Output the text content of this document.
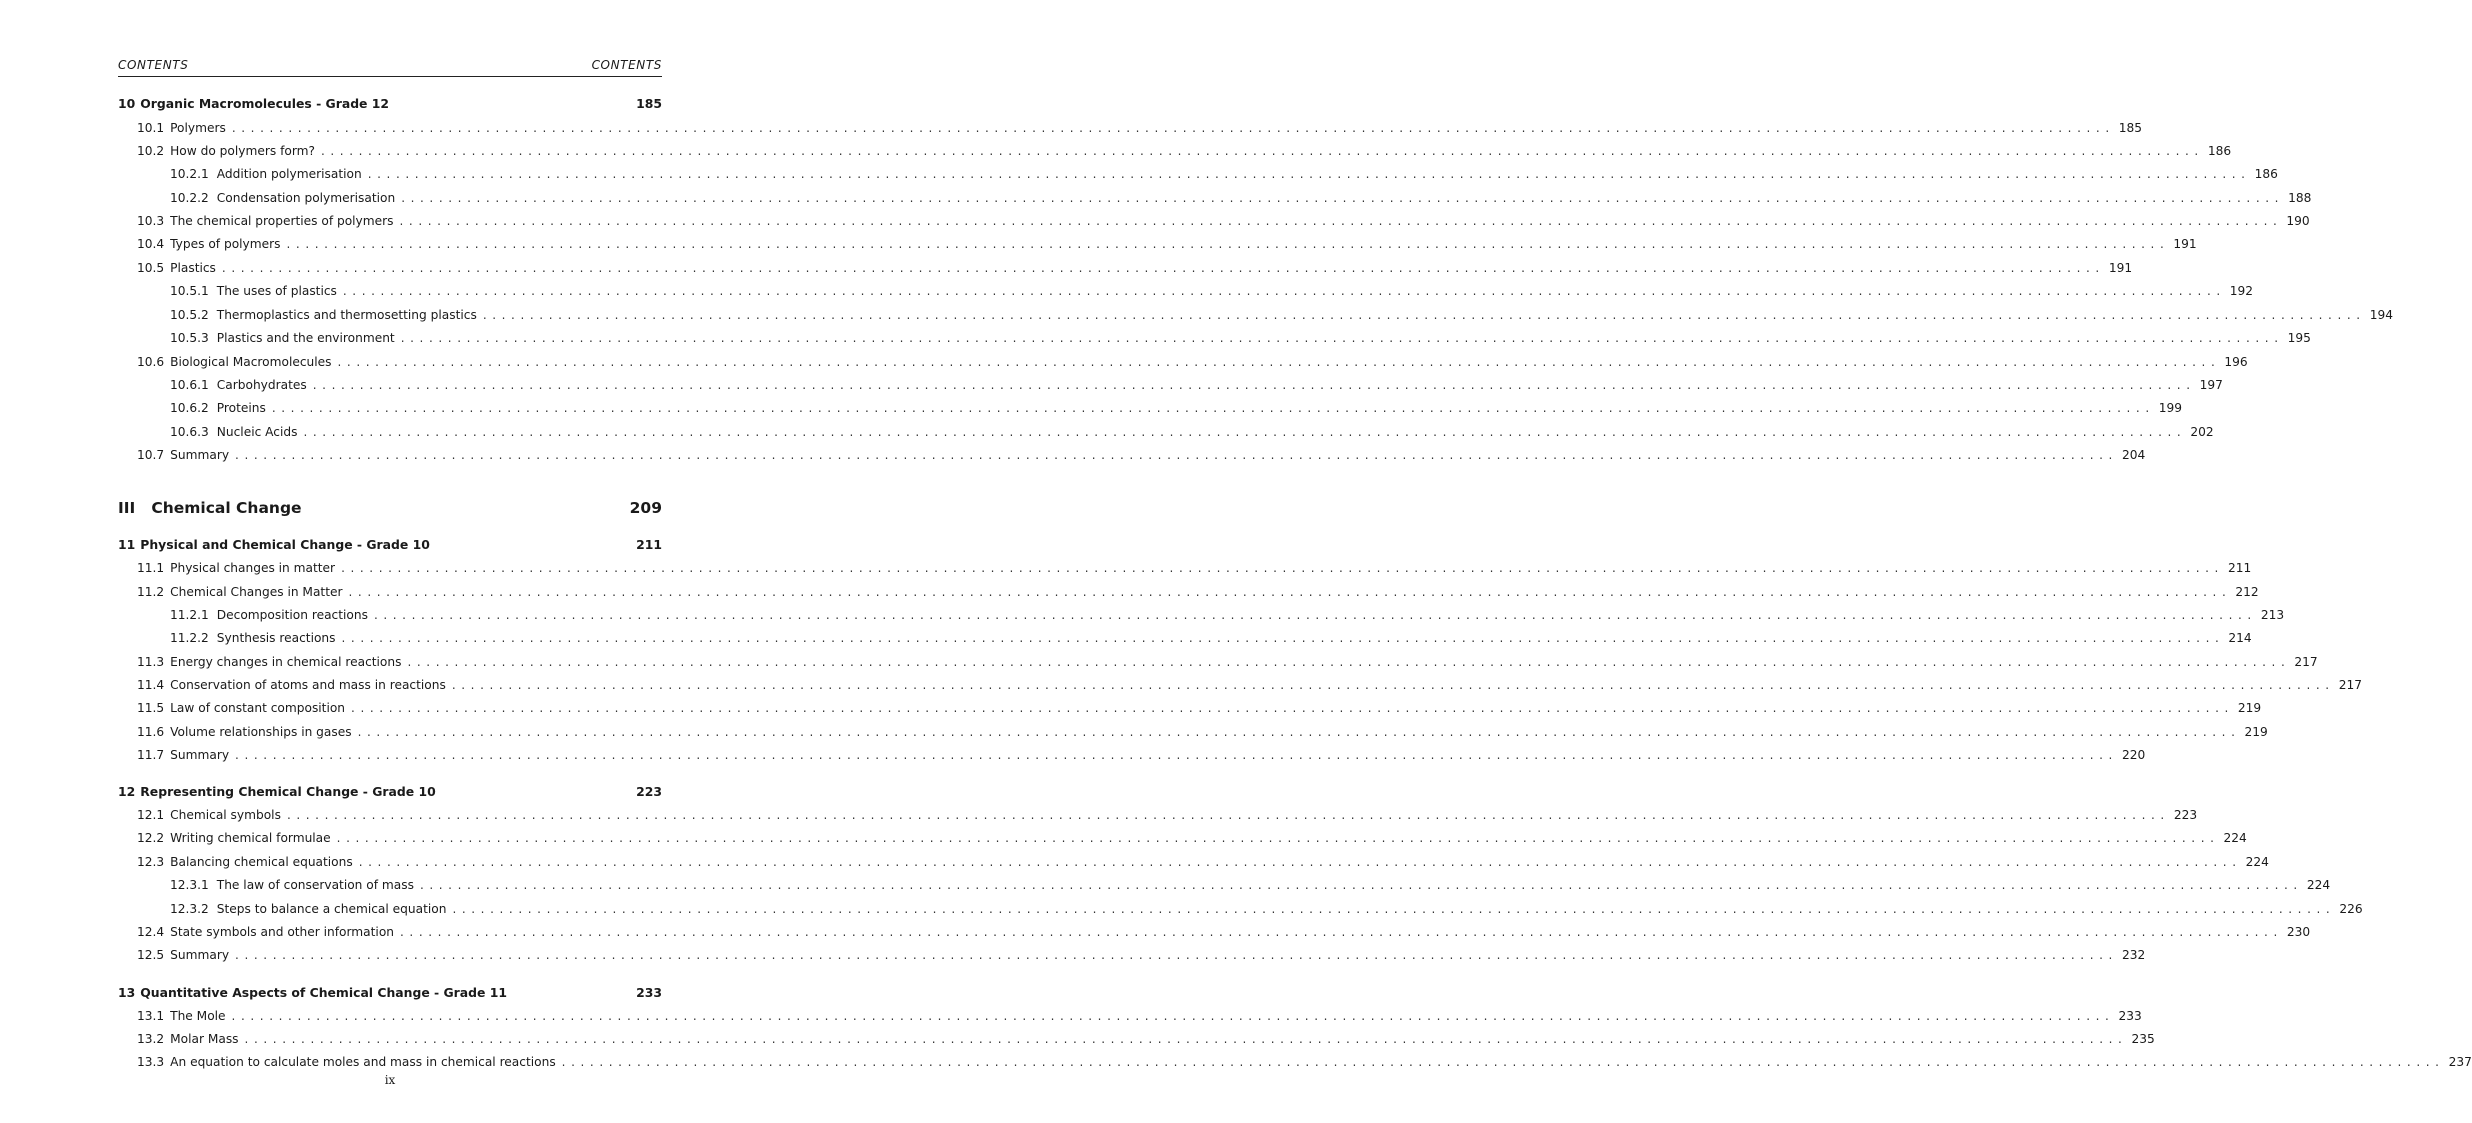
CONTENTS	CONTENTS
10 Organic Macromolecules - Grade 12	185
10.1 Polymers ........................................................................................................................................................................................................ 185
10.2 How do polymers form? ........................................................................................................................................................................................................ 186
10.2.1 Addition polymerisation ........................................................................................................................................................................................................ 186
10.2.2 Condensation polymerisation ........................................................................................................................................................................................................ 188
10.3 The chemical properties of polymers ........................................................................................................................................................................................................ 190
10.4 Types of polymers ........................................................................................................................................................................................................ 191
10.5 Plastics ........................................................................................................................................................................................................ 191
10.5.1 The uses of plastics ........................................................................................................................................................................................................ 192
10.5.2 Thermoplastics and thermosetting plastics ........................................................................................................................................................................................................ 194
10.5.3 Plastics and the environment ........................................................................................................................................................................................................ 195
10.6 Biological Macromolecules ........................................................................................................................................................................................................ 196
10.6.1 Carbohydrates ........................................................................................................................................................................................................ 197
10.6.2 Proteins ........................................................................................................................................................................................................ 199
10.6.3 Nucleic Acids ........................................................................................................................................................................................................ 202
10.7 Summary ........................................................................................................................................................................................................ 204
III Chemical Change	209
11 Physical and Chemical Change - Grade 10	211
11.1 Physical changes in matter ........................................................................................................................................................................................................ 211
11.2 Chemical Changes in Matter ........................................................................................................................................................................................................ 212
11.2.1 Decomposition reactions ........................................................................................................................................................................................................ 213
11.2.2 Synthesis reactions ........................................................................................................................................................................................................ 214
11.3 Energy changes in chemical reactions ........................................................................................................................................................................................................ 217
11.4 Conservation of atoms and mass in reactions ........................................................................................................................................................................................................ 217
11.5 Law of constant composition ........................................................................................................................................................................................................ 219
11.6 Volume relationships in gases ........................................................................................................................................................................................................ 219
11.7 Summary ........................................................................................................................................................................................................ 220
12 Representing Chemical Change - Grade 10	223
12.1 Chemical symbols ........................................................................................................................................................................................................ 223
12.2 Writing chemical formulae ........................................................................................................................................................................................................ 224
12.3 Balancing chemical equations ........................................................................................................................................................................................................ 224
12.3.1 The law of conservation of mass ........................................................................................................................................................................................................ 224
12.3.2 Steps to balance a chemical equation ........................................................................................................................................................................................................ 226
12.4 State symbols and other information ........................................................................................................................................................................................................ 230
12.5 Summary ........................................................................................................................................................................................................ 232
13 Quantitative Aspects of Chemical Change - Grade 11	233
13.1 The Mole ........................................................................................................................................................................................................ 233
13.2 Molar Mass ........................................................................................................................................................................................................ 235
13.3 An equation to calculate moles and mass in chemical reactions ........................................................................................................................................................................................................ 237
ix
